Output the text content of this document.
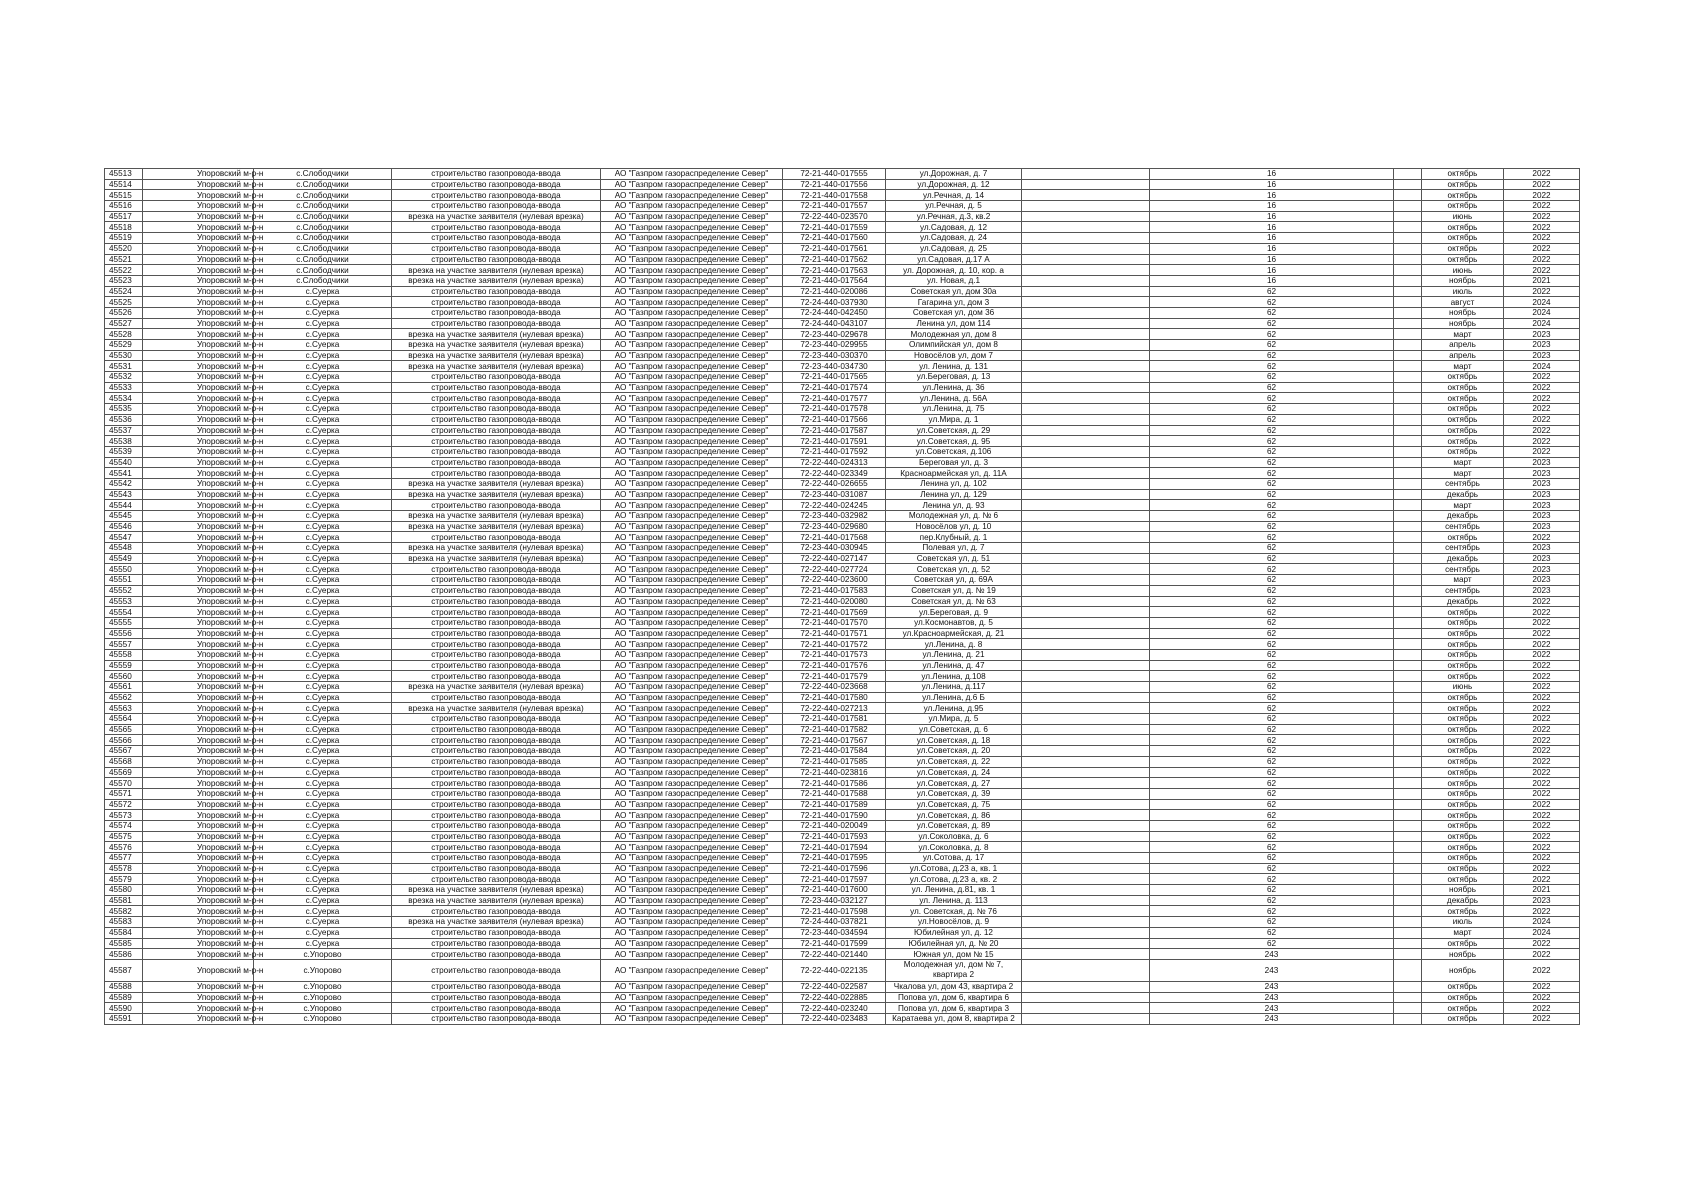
45513	Упоровский м-р-н	с.Слободчики	строительство газопровода-ввода	АО "Газпром газораспределение Север"	72-21-440-017555	ул.Дорожная, д. 7		16		октябрь	2022
45514	Упоровский м-р-н	с.Слободчики	строительство газопровода-ввода	АО "Газпром газораспределение Север"	72-21-440-017556	ул.Дорожная, д. 12		16		октябрь	2022
45515	Упоровский м-р-н	с.Слободчики	строительство газопровода-ввода	АО "Газпром газораспределение Север"	72-21-440-017558	ул.Речная, д. 14		16		октябрь	2022
45516	Упоровский м-р-н	с.Слободчики	строительство газопровода-ввода	АО "Газпром газораспределение Север"	72-21-440-017557	ул.Речная, д. 5		16		октябрь	2022
45517	Упоровский м-р-н	с.Слободчики	врезка на участке заявителя (нулевая врезка)	АО "Газпром газораспределение Север"	72-22-440-023570	ул.Речная, д.3, кв.2		16		июнь	2022
45518	Упоровский м-р-н	с.Слободчики	строительство газопровода-ввода	АО "Газпром газораспределение Север"	72-21-440-017559	ул.Садовая, д. 12		16		октябрь	2022
45519	Упоровский м-р-н	с.Слободчики	строительство газопровода-ввода	АО "Газпром газораспределение Север"	72-21-440-017560	ул.Садовая, д. 24		16		октябрь	2022
45520	Упоровский м-р-н	с.Слободчики	строительство газопровода-ввода	АО "Газпром газораспределение Север"	72-21-440-017561	ул.Садовая, д. 25		16		октябрь	2022
45521	Упоровский м-р-н	с.Слободчики	строительство газопровода-ввода	АО "Газпром газораспределение Север"	72-21-440-017562	ул.Садовая, д.17 А		16		октябрь	2022
45522	Упоровский м-р-н	с.Слободчики	врезка на участке заявителя (нулевая врезка)	АО "Газпром газораспределение Север"	72-21-440-017563	ул. Дорожная, д. 10, кор. а		16		июнь	2022
45523	Упоровский м-р-н	с.Слободчики	врезка на участке заявителя (нулевая врезка)	АО "Газпром газораспределение Север"	72-21-440-017564	ул. Новая, д.1		16		ноябрь	2021
45524	Упоровский м-р-н	с.Суерка	строительство газопровода-ввода	АО "Газпром газораспределение Север"	72-21-440-020086	Советская ул, дом 30а		62		июль	2022
45525	Упоровский м-р-н	с.Суерка	строительство газопровода-ввода	АО "Газпром газораспределение Север"	72-24-440-037930	Гагарина ул, дом 3		62		август	2024
45526	Упоровский м-р-н	с.Суерка	строительство газопровода-ввода	АО "Газпром газораспределение Север"	72-24-440-042450	Советская ул, дом 36		62		ноябрь	2024
45527	Упоровский м-р-н	с.Суерка	строительство газопровода-ввода	АО "Газпром газораспределение Север"	72-24-440-043107	Ленина ул, дом 114		62		ноябрь	2024
45528	Упоровский м-р-н	с.Суерка	врезка на участке заявителя (нулевая врезка)	АО "Газпром газораспределение Север"	72-23-440-029678	Молодежная ул, дом 8		62		март	2023
45529	Упоровский м-р-н	с.Суерка	врезка на участке заявителя (нулевая врезка)	АО "Газпром газораспределение Север"	72-23-440-029955	Олимпийская ул, дом 8		62		апрель	2023
45530	Упоровский м-р-н	с.Суерка	врезка на участке заявителя (нулевая врезка)	АО "Газпром газораспределение Север"	72-23-440-030370	Новосёлов ул, дом 7		62		апрель	2023
45531	Упоровский м-р-н	с.Суерка	врезка на участке заявителя (нулевая врезка)	АО "Газпром газораспределение Север"	72-23-440-034730	ул. Ленина, д. 131		62		март	2024
45532	Упоровский м-р-н	с.Суерка	строительство газопровода-ввода	АО "Газпром газораспределение Север"	72-21-440-017565	ул.Береговая, д. 13		62		октябрь	2022
45533	Упоровский м-р-н	с.Суерка	строительство газопровода-ввода	АО "Газпром газораспределение Север"	72-21-440-017574	ул.Ленина, д. 36		62		октябрь	2022
45534	Упоровский м-р-н	с.Суерка	строительство газопровода-ввода	АО "Газпром газораспределение Север"	72-21-440-017577	ул.Ленина, д. 56А		62		октябрь	2022
45535	Упоровский м-р-н	с.Суерка	строительство газопровода-ввода	АО "Газпром газораспределение Север"	72-21-440-017578	ул.Ленина, д. 75		62		октябрь	2022
45536	Упоровский м-р-н	с.Суерка	строительство газопровода-ввода	АО "Газпром газораспределение Север"	72-21-440-017566	ул.Мира, д. 1		62		октябрь	2022
45537	Упоровский м-р-н	с.Суерка	строительство газопровода-ввода	АО "Газпром газораспределение Север"	72-21-440-017587	ул.Советская, д. 29		62		октябрь	2022
45538	Упоровский м-р-н	с.Суерка	строительство газопровода-ввода	АО "Газпром газораспределение Север"	72-21-440-017591	ул.Советская, д. 95		62		октябрь	2022
45539	Упоровский м-р-н	с.Суерка	строительство газопровода-ввода	АО "Газпром газораспределение Север"	72-21-440-017592	ул.Советская, д.106		62		октябрь	2022
45540	Упоровский м-р-н	с.Суерка	строительство газопровода-ввода	АО "Газпром газораспределение Север"	72-22-440-024313	Береговая ул, д. 3		62		март	2023
45541	Упоровский м-р-н	с.Суерка	строительство газопровода-ввода	АО "Газпром газораспределение Север"	72-22-440-023349	Красноармейская ул, д. 11А		62		март	2023
45542	Упоровский м-р-н	с.Суерка	врезка на участке заявителя (нулевая врезка)	АО "Газпром газораспределение Север"	72-22-440-026655	Ленина ул, д. 102		62		сентябрь	2023
45543	Упоровский м-р-н	с.Суерка	врезка на участке заявителя (нулевая врезка)	АО "Газпром газораспределение Север"	72-23-440-031087	Ленина ул, д. 129		62		декабрь	2023
45544	Упоровский м-р-н	с.Суерка	строительство газопровода-ввода	АО "Газпром газораспределение Север"	72-22-440-024245	Ленина ул, д. 93		62		март	2023
45545	Упоровский м-р-н	с.Суерка	врезка на участке заявителя (нулевая врезка)	АО "Газпром газораспределение Север"	72-23-440-032982	Молодежная ул, д. № 6		62		декабрь	2023
45546	Упоровский м-р-н	с.Суерка	врезка на участке заявителя (нулевая врезка)	АО "Газпром газораспределение Север"	72-23-440-029680	Новосёлов ул, д. 10		62		сентябрь	2023
45547	Упоровский м-р-н	с.Суерка	строительство газопровода-ввода	АО "Газпром газораспределение Север"	72-21-440-017568	пер.Клубный, д. 1		62		октябрь	2022
45548	Упоровский м-р-н	с.Суерка	врезка на участке заявителя (нулевая врезка)	АО "Газпром газораспределение Север"	72-23-440-030945	Полевая ул, д. 7		62		сентябрь	2023
45549	Упоровский м-р-н	с.Суерка	врезка на участке заявителя (нулевая врезка)	АО "Газпром газораспределение Север"	72-22-440-027147	Советская ул, д. 51		62		декабрь	2023
45550	Упоровский м-р-н	с.Суерка	строительство газопровода-ввода	АО "Газпром газораспределение Север"	72-22-440-027724	Советская ул, д. 52		62		сентябрь	2023
45551	Упоровский м-р-н	с.Суерка	строительство газопровода-ввода	АО "Газпром газораспределение Север"	72-22-440-023600	Советская ул, д. 69А		62		март	2023
45552	Упоровский м-р-н	с.Суерка	строительство газопровода-ввода	АО "Газпром газораспределение Север"	72-21-440-017583	Советская ул, д. № 19		62		сентябрь	2023
45553	Упоровский м-р-н	с.Суерка	строительство газопровода-ввода	АО "Газпром газораспределение Север"	72-21-440-020080	Советская ул, д. № 63		62		декабрь	2022
45554	Упоровский м-р-н	с.Суерка	строительство газопровода-ввода	АО "Газпром газораспределение Север"	72-21-440-017569	ул.Береговая, д. 9		62		октябрь	2022
45555	Упоровский м-р-н	с.Суерка	строительство газопровода-ввода	АО "Газпром газораспределение Север"	72-21-440-017570	ул.Космонавтов, д. 5		62		октябрь	2022
45556	Упоровский м-р-н	с.Суерка	строительство газопровода-ввода	АО "Газпром газораспределение Север"	72-21-440-017571	ул.Красноармейская, д. 21		62		октябрь	2022
45557	Упоровский м-р-н	с.Суерка	строительство газопровода-ввода	АО "Газпром газораспределение Север"	72-21-440-017572	ул.Ленина, д. 8		62		октябрь	2022
45558	Упоровский м-р-н	с.Суерка	строительство газопровода-ввода	АО "Газпром газораспределение Север"	72-21-440-017573	ул.Ленина, д. 21		62		октябрь	2022
45559	Упоровский м-р-н	с.Суерка	строительство газопровода-ввода	АО "Газпром газораспределение Север"	72-21-440-017576	ул.Ленина, д. 47		62		октябрь	2022
45560	Упоровский м-р-н	с.Суерка	строительство газопровода-ввода	АО "Газпром газораспределение Север"	72-21-440-017579	ул.Ленина, д.108		62		октябрь	2022
45561	Упоровский м-р-н	с.Суерка	врезка на участке заявителя (нулевая врезка)	АО "Газпром газораспределение Север"	72-22-440-023668	ул.Ленина, д.117		62		июнь	2022
45562	Упоровский м-р-н	с.Суерка	строительство газопровода-ввода	АО "Газпром газораспределение Север"	72-21-440-017580	ул.Ленина, д.6 Б		62		октябрь	2022
45563	Упоровский м-р-н	с.Суерка	врезка на участке заявителя (нулевая врезка)	АО "Газпром газораспределение Север"	72-22-440-027213	ул.Ленина, д.95		62		октябрь	2022
45564	Упоровский м-р-н	с.Суерка	строительство газопровода-ввода	АО "Газпром газораспределение Север"	72-21-440-017581	ул.Мира, д. 5		62		октябрь	2022
45565	Упоровский м-р-н	с.Суерка	строительство газопровода-ввода	АО "Газпром газораспределение Север"	72-21-440-017582	ул.Советская, д. 6		62		октябрь	2022
45566	Упоровский м-р-н	с.Суерка	строительство газопровода-ввода	АО "Газпром газораспределение Север"	72-21-440-017567	ул.Советская, д. 18		62		октябрь	2022
45567	Упоровский м-р-н	с.Суерка	строительство газопровода-ввода	АО "Газпром газораспределение Север"	72-21-440-017584	ул.Советская, д. 20		62		октябрь	2022
45568	Упоровский м-р-н	с.Суерка	строительство газопровода-ввода	АО "Газпром газораспределение Север"	72-21-440-017585	ул.Советская, д. 22		62		октябрь	2022
45569	Упоровский м-р-н	с.Суерка	строительство газопровода-ввода	АО "Газпром газораспределение Север"	72-21-440-023816	ул.Советская, д. 24		62		октябрь	2022
45570	Упоровский м-р-н	с.Суерка	строительство газопровода-ввода	АО "Газпром газораспределение Север"	72-21-440-017586	ул.Советская, д. 27		62		октябрь	2022
45571	Упоровский м-р-н	с.Суерка	строительство газопровода-ввода	АО "Газпром газораспределение Север"	72-21-440-017588	ул.Советская, д. 39		62		октябрь	2022
45572	Упоровский м-р-н	с.Суерка	строительство газопровода-ввода	АО "Газпром газораспределение Север"	72-21-440-017589	ул.Советская, д. 75		62		октябрь	2022
45573	Упоровский м-р-н	с.Суерка	строительство газопровода-ввода	АО "Газпром газораспределение Север"	72-21-440-017590	ул.Советская, д. 86		62		октябрь	2022
45574	Упоровский м-р-н	с.Суерка	строительство газопровода-ввода	АО "Газпром газораспределение Север"	72-21-440-020049	ул.Советская, д. 89		62		октябрь	2022
45575	Упоровский м-р-н	с.Суерка	строительство газопровода-ввода	АО "Газпром газораспределение Север"	72-21-440-017593	ул.Соколовка, д. 6		62		октябрь	2022
45576	Упоровский м-р-н	с.Суерка	строительство газопровода-ввода	АО "Газпром газораспределение Север"	72-21-440-017594	ул.Соколовка, д. 8		62		октябрь	2022
45577	Упоровский м-р-н	с.Суерка	строительство газопровода-ввода	АО "Газпром газораспределение Север"	72-21-440-017595	ул.Сотова, д. 17		62		октябрь	2022
45578	Упоровский м-р-н	с.Суерка	строительство газопровода-ввода	АО "Газпром газораспределение Север"	72-21-440-017596	ул.Сотова, д.23 а, кв. 1		62		октябрь	2022
45579	Упоровский м-р-н	с.Суерка	строительство газопровода-ввода	АО "Газпром газораспределение Север"	72-21-440-017597	ул.Сотова, д.23 а, кв. 2		62		октябрь	2022
45580	Упоровский м-р-н	с.Суерка	врезка на участке заявителя (нулевая врезка)	АО "Газпром газораспределение Север"	72-21-440-017600	ул. Ленина, д.81, кв. 1		62		ноябрь	2021
45581	Упоровский м-р-н	с.Суерка	врезка на участке заявителя (нулевая врезка)	АО "Газпром газораспределение Север"	72-23-440-032127	ул. Ленина, д. 113		62		декабрь	2023
45582	Упоровский м-р-н	с.Суерка	строительство газопровода-ввода	АО "Газпром газораспределение Север"	72-21-440-017598	ул. Советская, д. № 76		62		октябрь	2022
45583	Упоровский м-р-н	с.Суерка	врезка на участке заявителя (нулевая врезка)	АО "Газпром газораспределение Север"	72-24-440-037821	ул.Новосёлов, д. 9		62		июль	2024
45584	Упоровский м-р-н	с.Суерка	строительство газопровода-ввода	АО "Газпром газораспределение Север"	72-23-440-034594	Юбилейная ул, д. 12		62		март	2024
45585	Упоровский м-р-н	с.Суерка	строительство газопровода-ввода	АО "Газпром газораспределение Север"	72-21-440-017599	Юбилейная ул, д. № 20		62		октябрь	2022
45586	Упоровский м-р-н	с.Упорово	строительство газопровода-ввода	АО "Газпром газораспределение Север"	72-22-440-021440	Южная ул, дом № 15		243		ноябрь	2022
45587	Упоровский м-р-н	с.Упорово	строительство газопровода-ввода	АО "Газпром газораспределение Север"	72-22-440-022135	Молодежная ул, дом № 7, квартира 2		243		ноябрь	2022
45588	Упоровский м-р-н	с.Упорово	строительство газопровода-ввода	АО "Газпром газораспределение Север"	72-22-440-022587	Чкалова ул, дом 43, квартира 2		243		октябрь	2022
45589	Упоровский м-р-н	с.Упорово	строительство газопровода-ввода	АО "Газпром газораспределение Север"	72-22-440-022885	Попова ул, дом 6, квартира 6		243		октябрь	2022
45590	Упоровский м-р-н	с.Упорово	строительство газопровода-ввода	АО "Газпром газораспределение Север"	72-22-440-023240	Попова ул, дом 6, квартира 3		243		октябрь	2022
45591	Упоровский м-р-н	с.Упорово	строительство газопровода-ввода	АО "Газпром газораспределение Север"	72-22-440-023483	Каратаева ул, дом 8, квартира 2		243		октябрь	2022
